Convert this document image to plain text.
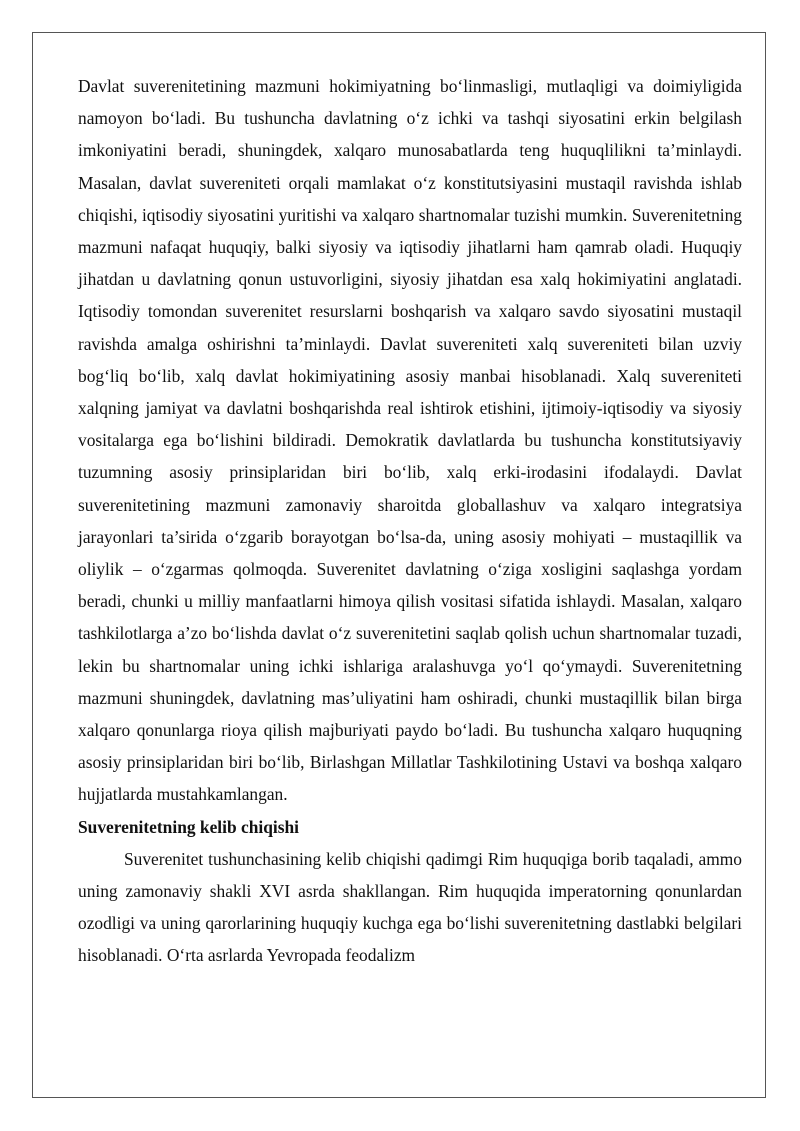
Davlat suverenitetining mazmuni hokimiyatning bo‘linmasligi, mutlaqligi va doimiyligida namoyon bo‘ladi. Bu tushuncha davlatning o‘z ichki va tashqi siyosatini erkin belgilash imkoniyatini beradi, shuningdek, xalqaro munosabatlarda teng huquqlilikni ta’minlaydi. Masalan, davlat suvereniteti orqali mamlakat o‘z konstitutsiyasini mustaqil ravishda ishlab chiqishi, iqtisodiy siyosatini yuritishi va xalqaro shartnomalar tuzishi mumkin. Suverenitetning mazmuni nafaqat huquqiy, balki siyosiy va iqtisodiy jihatlarni ham qamrab oladi. Huquqiy jihatdan u davlatning qonun ustuvorligini, siyosiy jihatdan esa xalq hokimiyatini anglatadi. Iqtisodiy tomondan suverenitet resurslarni boshqarish va xalqaro savdo siyosatini mustaqil ravishda amalga oshirishni ta’minlaydi. Davlat suvereniteti xalq suvereniteti bilan uzviy bog‘liq bo‘lib, xalq davlat hokimiyatining asosiy manbai hisoblanadi. Xalq suvereniteti xalqning jamiyat va davlatni boshqarishda real ishtirok etishini, ijtimoiy-iqtisodiy va siyosiy vositalarga ega bo‘lishini bildiradi. Demokratik davlatlarda bu tushuncha konstitutsiyaviy tuzumning asosiy prinsiplaridan biri bo‘lib, xalq erki-irodasini ifodalaydi. Davlat suverenitetining mazmuni zamonaviy sharoitda globallashuv va xalqaro integratsiya jarayonlari ta’sirida o‘zgarib borayotgan bo‘lsa-da, uning asosiy mohiyati – mustaqillik va oliylik – o‘zgarmas qolmoqda. Suverenitet davlatning o‘ziga xosligini saqlashga yordam beradi, chunki u milliy manfaatlarni himoya qilish vositasi sifatida ishlaydi. Masalan, xalqaro tashkilotlarga a’zo bo‘lishda davlat o‘z suverenitetini saqlab qolish uchun shartnomalar tuzadi, lekin bu shartnomalar uning ichki ishlariga aralashuvga yo‘l qo‘ymaydi. Suverenitetning mazmuni shuningdek, davlatning mas’uliyatini ham oshiradi, chunki mustaqillik bilan birga xalqaro qonunlarga rioya qilish majburiyati paydo bo‘ladi. Bu tushuncha xalqaro huquqning asosiy prinsiplaridan biri bo‘lib, Birlashgan Millatlar Tashkilotining Ustavi va boshqa xalqaro hujjatlarda mustahkamlangan.

Suverenitetning kelib chiqishi

Suverenitet tushunchasining kelib chiqishi qadimgi Rim huquqiga borib taqaladi, ammo uning zamonaviy shakli XVI asrda shakllangan. Rim huquqida imperatorning qonunlardan ozodligi va uning qarorlarining huquqiy kuchga ega bo‘lishi suverenitetning dastlabki belgilari hisoblanadi. O‘rta asrlarda Yevropada feodalizm
